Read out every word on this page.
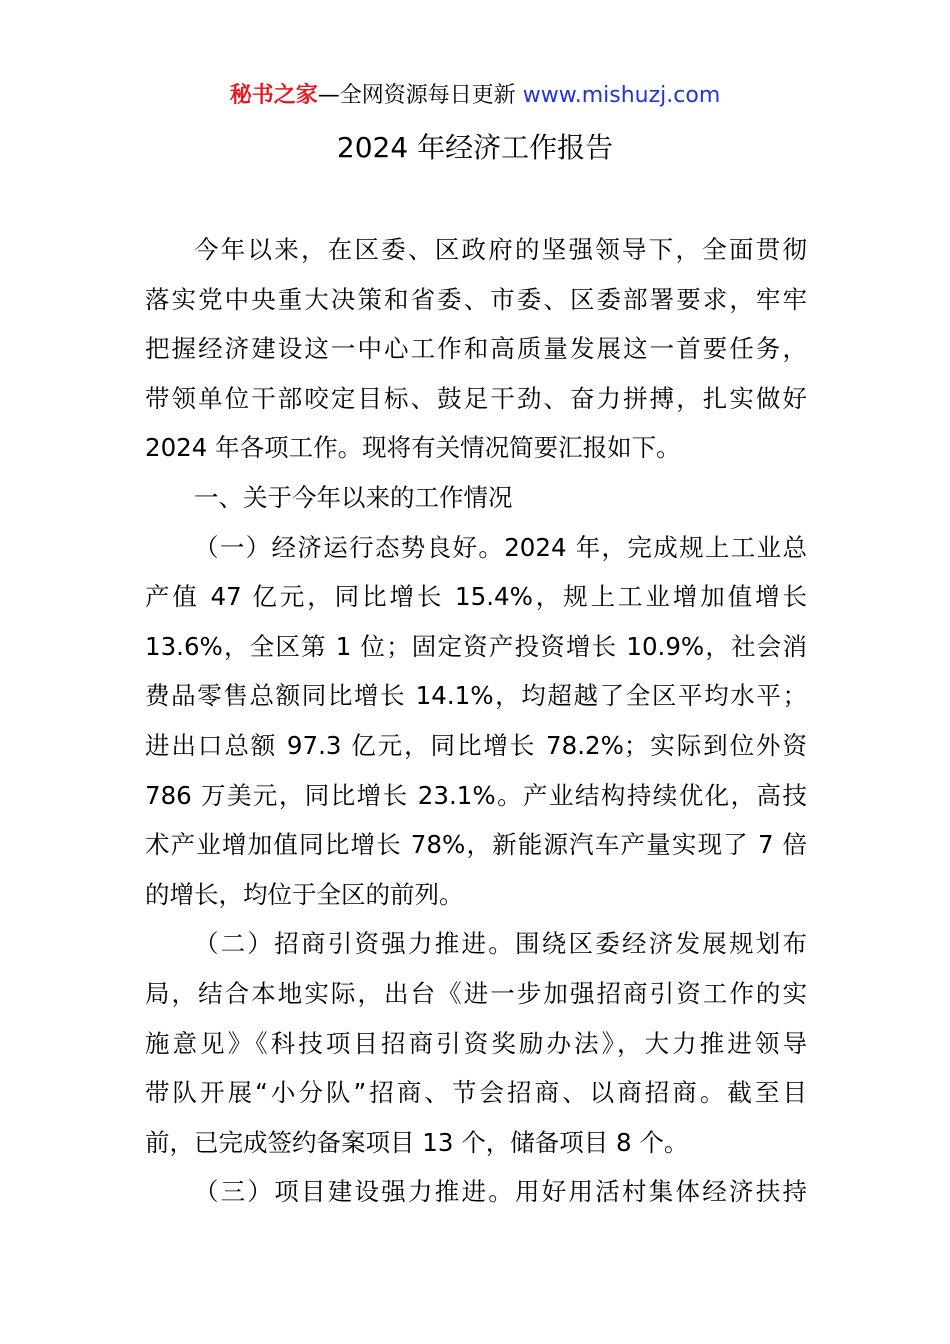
秘书之家—全网资源每日更新 www.mishuzj.com
2024 年经济工作报告
今年以来，在区委、区政府的坚强领导下，全面贯彻
落实党中央重大决策和省委、市委、区委部署要求，牢牢
把握经济建设这一中心工作和高质量发展这一首要任务，
带领单位干部咬定目标、鼓足干劲、奋力拼搏，扎实做好
2024 年各项工作。现将有关情况简要汇报如下。
一、关于今年以来的工作情况
（一）经济运行态势良好。2024 年，完成规上工业总
产值 47 亿元，同比增长 15.4%，规上工业增加值增长
13.6%，全区第 1 位；固定资产投资增长 10.9%，社会消
费品零售总额同比增长 14.1%，均超越了全区平均水平；
进出口总额 97.3 亿元，同比增长 78.2%；实际到位外资
786 万美元，同比增长 23.1%。产业结构持续优化，高技
术产业增加值同比增长 78%，新能源汽车产量实现了 7 倍
的增长，均位于全区的前列。
（二）招商引资强力推进。围绕区委经济发展规划布
局，结合本地实际，出台《进一步加强招商引资工作的实
施意见》《科技项目招商引资奖励办法》，大力推进领导
带队开展“小分队”招商、节会招商、以商招商。截至目
前，已完成签约备案项目 13 个，储备项目 8 个。
（三）项目建设强力推进。用好用活村集体经济扶持
